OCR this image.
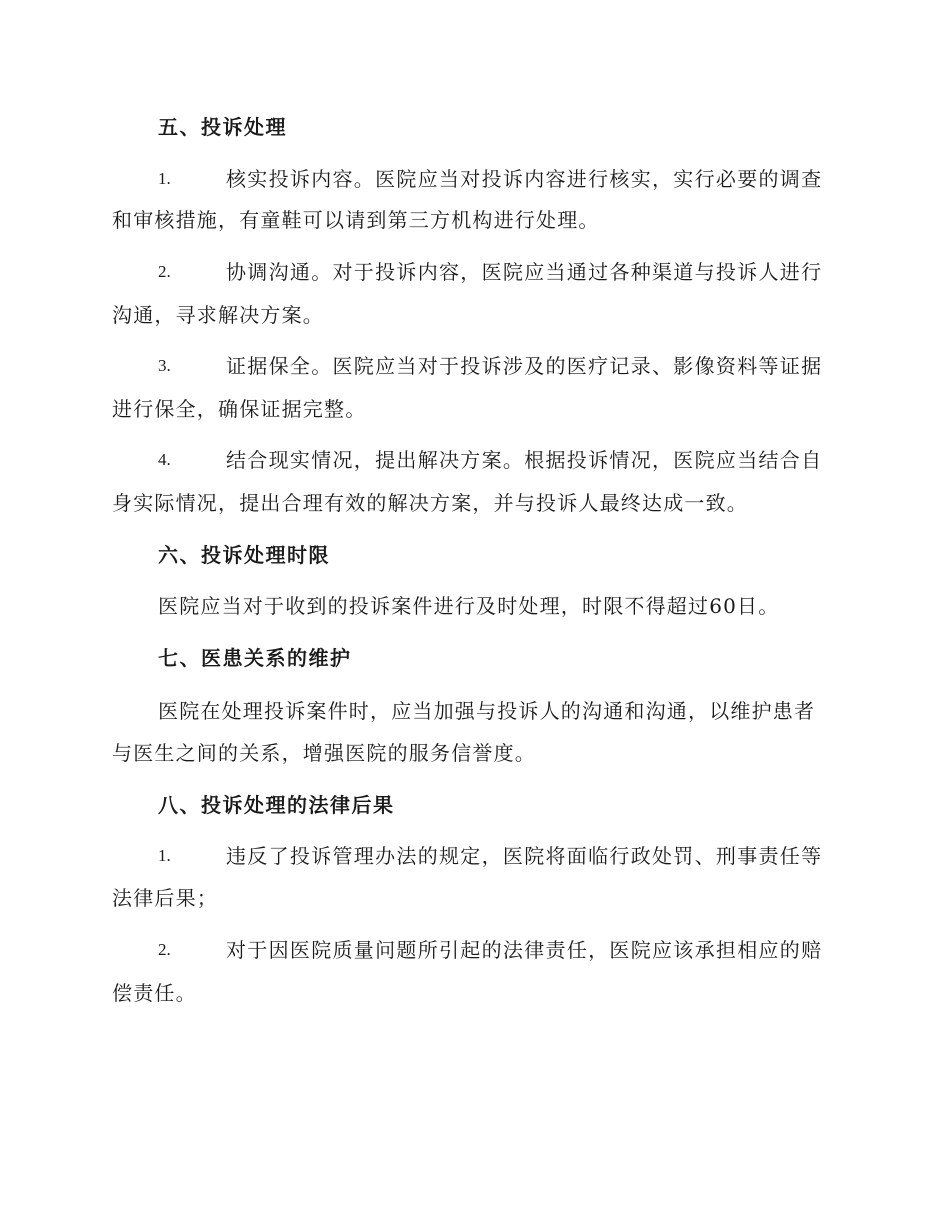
五、投诉处理
1.	核实投诉内容。医院应当对投诉内容进行核实，实行必要的调查
和审核措施，有童鞋可以请到第三方机构进行处理。
2.	协调沟通。对于投诉内容，医院应当通过各种渠道与投诉人进行
沟通，寻求解决方案。
3.	证据保全。医院应当对于投诉涉及的医疗记录、影像资料等证据
进行保全，确保证据完整。
4.	结合现实情况，提出解决方案。根据投诉情况，医院应当结合自
身实际情况，提出合理有效的解决方案，并与投诉人最终达成一致。
六、投诉处理时限
医院应当对于收到的投诉案件进行及时处理，时限不得超过60日。
七、医患关系的维护
医院在处理投诉案件时，应当加强与投诉人的沟通和沟通，以维护患者
与医生之间的关系，增强医院的服务信誉度。
八、投诉处理的法律后果
1.	违反了投诉管理办法的规定，医院将面临行政处罚、刑事责任等
法律后果；
2.	对于因医院质量问题所引起的法律责任，医院应该承担相应的赔
偿责任。
